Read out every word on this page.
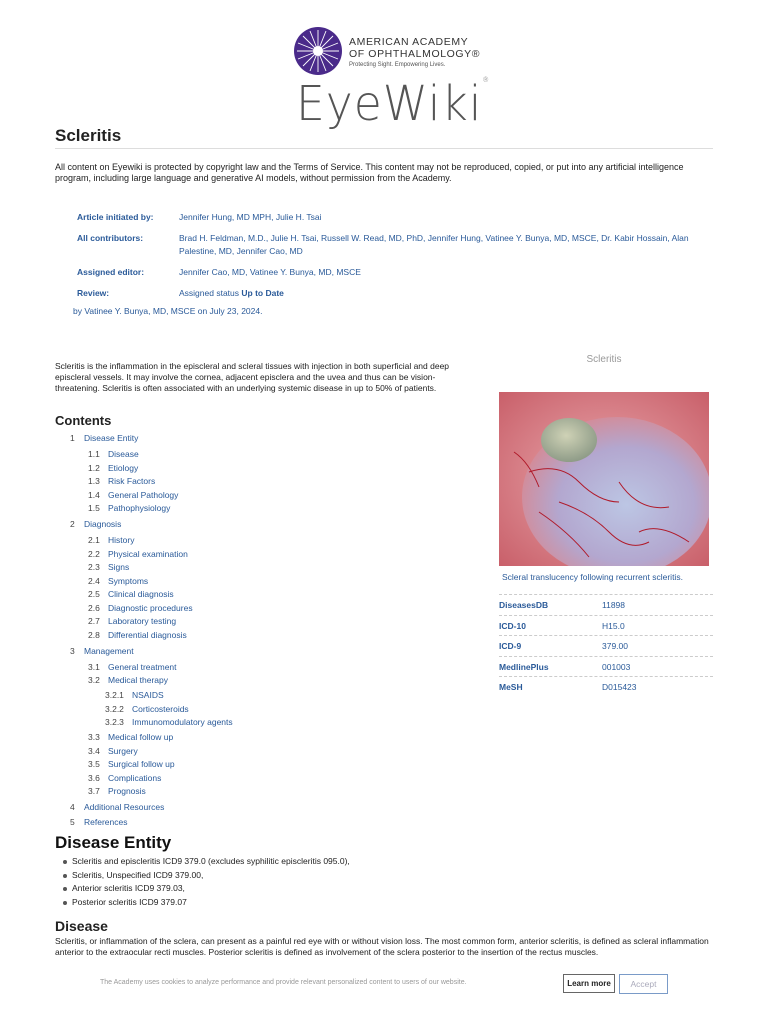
AMERICAN ACADEMY
OF OPHTHALMOLOGY®
Protecting Sight. Empowering Lives.
EyeWiki®
Scleritis

All content on Eyewiki is protected by copyright law and the Terms of Service. This content may not be reproduced, copied, or put into any artificial intelligence program, including large language and generative AI models, without permission from the Academy.

Article initiated by:	Jennifer Hung, MD MPH, Julie H. Tsai
All contributors:	Brad H. Feldman, M.D., Julie H. Tsai, Russell W. Read, MD, PhD, Jennifer Hung, Vatinee Y. Bunya, MD, MSCE, Dr. Kabir Hossain, Alan Palestine, MD, Jennifer Cao, MD
Assigned editor:	Jennifer Cao, MD, Vatinee Y. Bunya, MD, MSCE
Review:	Assigned status Up to Date
by Vatinee Y. Bunya, MD, MSCE on July 23, 2024.

Scleritis is the inflammation in the episcleral and scleral tissues with injection in both superficial and deep episcleral vessels. It may involve the cornea, adjacent episclera and the uvea and thus can be vision-threatening. Scleritis is often associated with an underlying systemic disease in up to 50% of patients.

Contents
1 Disease Entity
1.1 Disease
1.2 Etiology
1.3 Risk Factors
1.4 General Pathology
1.5 Pathophysiology
2 Diagnosis
2.1 History
2.2 Physical examination
2.3 Signs
2.4 Symptoms
2.5 Clinical diagnosis
2.6 Diagnostic procedures
2.7 Laboratory testing
2.8 Differential diagnosis
3 Management
3.1 General treatment
3.2 Medical therapy
3.2.1 NSAIDS
3.2.2 Corticosteroids
3.2.3 Immunomodulatory agents
3.3 Medical follow up
3.4 Surgery
3.5 Surgical follow up
3.6 Complications
3.7 Prognosis
4 Additional Resources
5 References
Scleritis
Scleral translucency following recurrent scleritis.
DiseasesDB	11898
ICD-10	H15.0
ICD-9	379.00
MedlinePlus	001003
MeSH	D015423
Disease Entity
Scleritis and episcleritis ICD9 379.0 (excludes syphilitic episcleritis 095.0),
Scleritis, Unspecified ICD9 379.00,
Anterior scleritis ICD9 379.03,
Posterior scleritis ICD9 379.07
Disease

Scleritis, or inflammation of the sclera, can present as a painful red eye with or without vision loss. The most common form, anterior scleritis, is defined as scleral inflammation anterior to the extraocular recti muscles. Posterior scleritis is defined as involvement of the sclera posterior to the insertion of the rectus muscles.

The Academy uses cookies to analyze performance and provide relevant personalized content to users of our website.	Learn more	Accept
